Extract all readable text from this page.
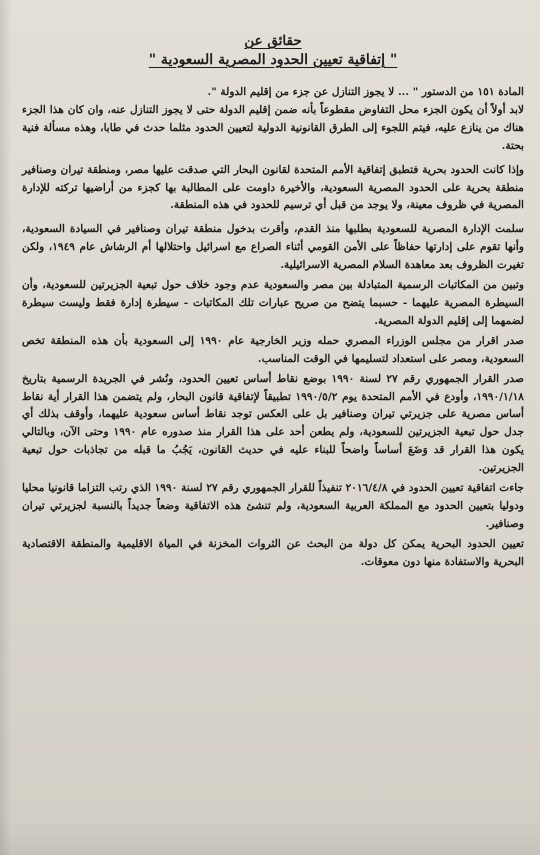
حقائق عن
" إتفاقية تعيين الحدود المصرية السعودية "

المادة ١٥١ من الدستور " ... لا يجوز التنازل عن جزء من إقليم الدولة ".

لابد أولاً أن يكون الجزء محل التفاوض مقطوعاً بأنه ضمن إقليم الدولة حتى لا يجوز التنازل عنه، وان كان هذا الجزء هناك من ينازع عليه، فيتم اللجوء إلى الطرق القانونية الدولية لتعيين الحدود مثلما حدث في طابا، وهذه مسألة فنية بحتة.

وإذا كانت الحدود بحرية فتطبق إتفاقية الأمم المتحدة لقانون البحار التي صدقت عليها مصر، ومنطقة تيران وصنافير منطقة بحرية على الحدود المصرية السعودية، والأخيرة داومت على المطالبة بها كجزء من أراضيها تركته للإدارة المصرية في ظروف معينة، ولا يوجد من قبل أي ترسيم للحدود في هذه المنطقة.

سلمت الإدارة المصرية للسعودية بطلبها منذ القدم، وأقرت بدخول منطقة تيران وصنافير في السيادة السعودية، وأنها تقوم على إدارتها حفاظاً على الأمن القومي أثناء الصراع مع اسرائيل واحتلالها أم الرشاش عام ١٩٤٩، ولكن تغيرت الظروف بعد معاهدة السلام المصرية الاسرائيلية.

وتبين من المكاتبات الرسمية المتبادلة بين مصر والسعودية عدم وجود خلاف حول تبعية الجزيرتين للسعودية، وأن السيطرة المصرية عليهما - حسبما يتضح من صريح عبارات تلك المكاتبات - سيطرة إدارة فقط وليست سيطرة لضمهما إلى إقليم الدولة المصرية.

صدر اقرار من مجلس الوزراء المصري حمله وزير الخارجية عام ١٩٩٠ إلى السعودية بأن هذه المنطقة تخص السعودية، ومصر على استعداد لتسليمها في الوقت المناسب.

صدر القرار الجمهوري رقم ٢٧ لسنة ١٩٩٠ بوضع نقاط أساس تعيين الحدود، ونُشر في الجريدة الرسمية بتاريخ ١٩٩٠/١/١٨، وأودع في الأمم المتحدة يوم ١٩٩٠/٥/٢ تطبيقاً لإتفاقية قانون البحار، ولم يتضمن هذا القرار أية نقاط أساس مصرية على جزيرتي تيران وصنافير بل على العكس توجد نقاط أساس سعودية عليهما، وأوقف بذلك أي جدل حول تبعية الجزيرتين للسعودية، ولم يطعن أحد على هذا القرار منذ صدوره عام ١٩٩٠ وحتى الآن، وبالتالي يكون هذا القرار قد وَضَعَ أساساً واضحاً للبناء عليه في حديث القانون، يَجُبُ ما قبله من تجاذبات حول تبعية الجزيرتين.

جاءت اتفاقية تعيين الحدود في ٢٠١٦/٤/٨ تنفيذاً للقرار الجمهوري رقم ٢٧ لسنة ١٩٩٠ الذي رتب التزاما قانونيا محليا ودوليا بتعيين الحدود مع المملكة العربية السعودية، ولم تنشئ هذه الاتفاقية وضعاً جديداً بالنسبة لجزيرتي تيران وصنافير.

تعيين الحدود البحرية يمكن كل دولة من البحث عن الثروات المخزنة في المياة الاقليمية والمنطقة الاقتصادية البحرية والاستفادة منها دون معوقات.
